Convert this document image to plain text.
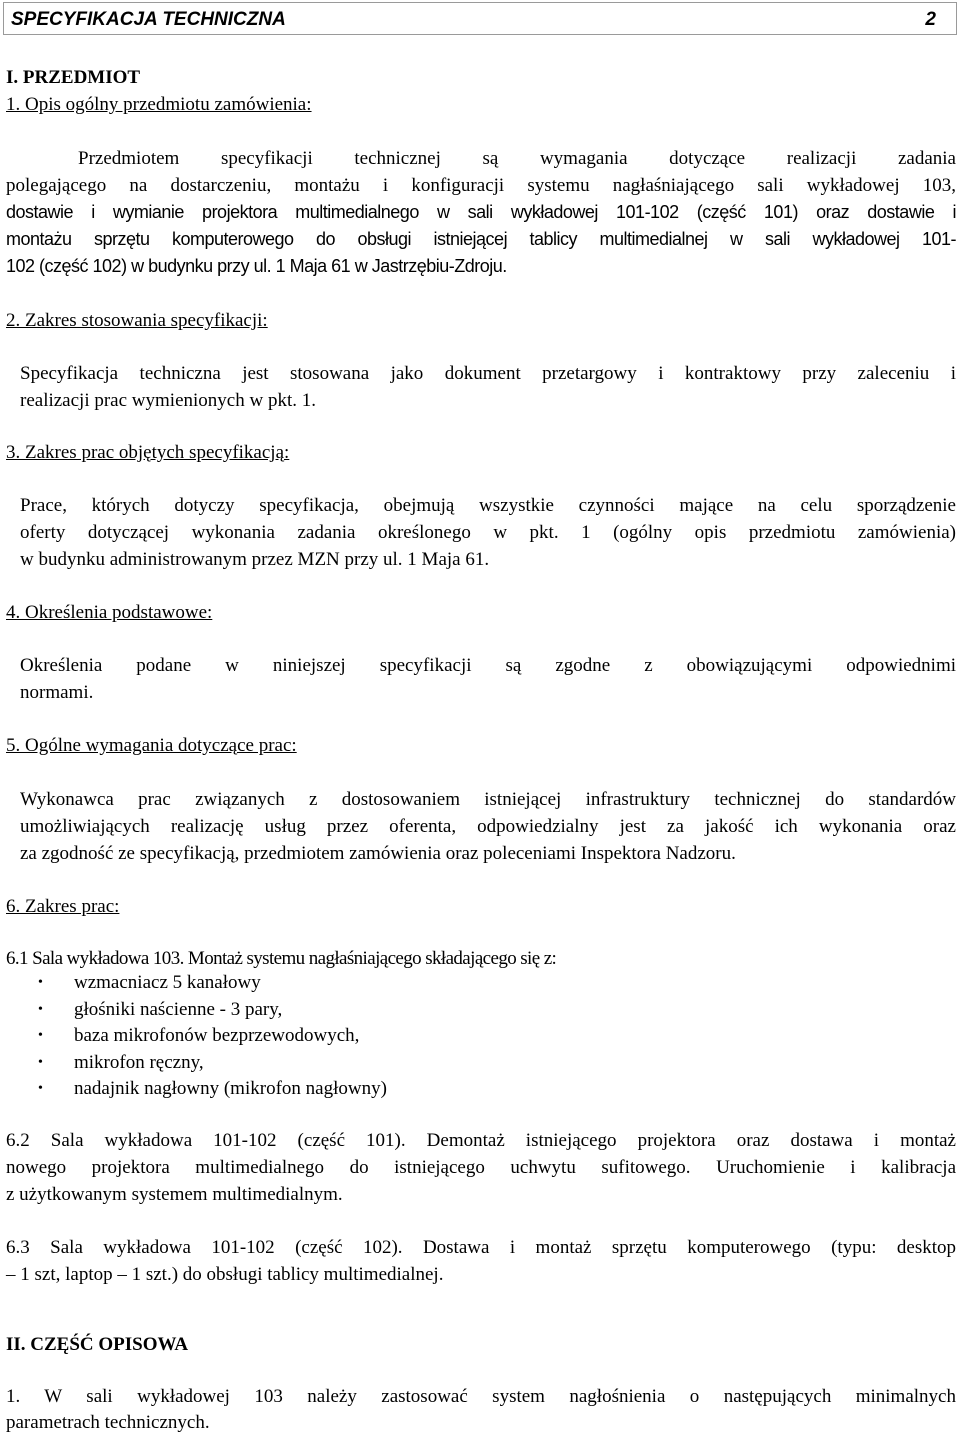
SPECYFIKACJA TECHNICZNA	2
I. PRZEDMIOT
1. Opis ogólny przedmiotu zamówienia:
Przedmiotem specyfikacji technicznej są wymagania dotyczące realizacji zadania
polegającego na dostarczeniu, montażu i konfiguracji systemu nagłaśniającego sali wykładowej 103,
dostawie i wymianie projektora multimedialnego w sali wykładowej 101-102 (część 101) oraz dostawie i
montażu sprzętu komputerowego do obsługi istniejącej tablicy multimedialnej w sali wykładowej 101-
102 (część 102) w budynku przy ul. 1 Maja 61 w Jastrzębiu-Zdroju.
2. Zakres stosowania specyfikacji:
Specyfikacja techniczna jest stosowana jako dokument przetargowy i kontraktowy przy zaleceniu i
realizacji prac wymienionych w pkt. 1.
3. Zakres prac objętych specyfikacją:
Prace, których dotyczy specyfikacja, obejmują wszystkie czynności mające na celu sporządzenie
oferty dotyczącej wykonania zadania określonego w pkt. 1 (ogólny opis przedmiotu zamówienia)
w budynku administrowanym przez MZN przy ul. 1 Maja 61.
4. Określenia podstawowe:
Określenia podane w niniejszej specyfikacji są zgodne z obowiązującymi odpowiednimi
normami.
5. Ogólne wymagania dotyczące prac:
Wykonawca prac związanych z dostosowaniem istniejącej infrastruktury technicznej do standardów
umożliwiających realizację usług przez oferenta, odpowiedzialny jest za jakość ich wykonania oraz
za zgodność ze specyfikacją, przedmiotem zamówienia oraz poleceniami Inspektora Nadzoru.
6. Zakres prac:
6.1 Sala wykładowa 103. Montaż systemu nagłaśniającego składającego się z:
• wzmacniacz 5 kanałowy
• głośniki naścienne - 3 pary,
• baza mikrofonów bezprzewodowych,
• mikrofon ręczny,
• nadajnik nagłowny (mikrofon nagłowny)
6.2 Sala wykładowa 101-102 (część 101). Demontaż istniejącego projektora oraz dostawa i montaż
nowego projektora multimedialnego do istniejącego uchwytu sufitowego. Uruchomienie i kalibracja
z użytkowanym systemem multimedialnym.
6.3 Sala wykładowa 101-102 (część 102). Dostawa i montaż sprzętu komputerowego (typu: desktop
– 1 szt, laptop – 1 szt.) do obsługi tablicy multimedialnej.
II. CZĘŚĆ OPISOWA
1. W sali wykładowej 103 należy zastosować system nagłośnienia o następujących minimalnych
parametrach technicznych.
